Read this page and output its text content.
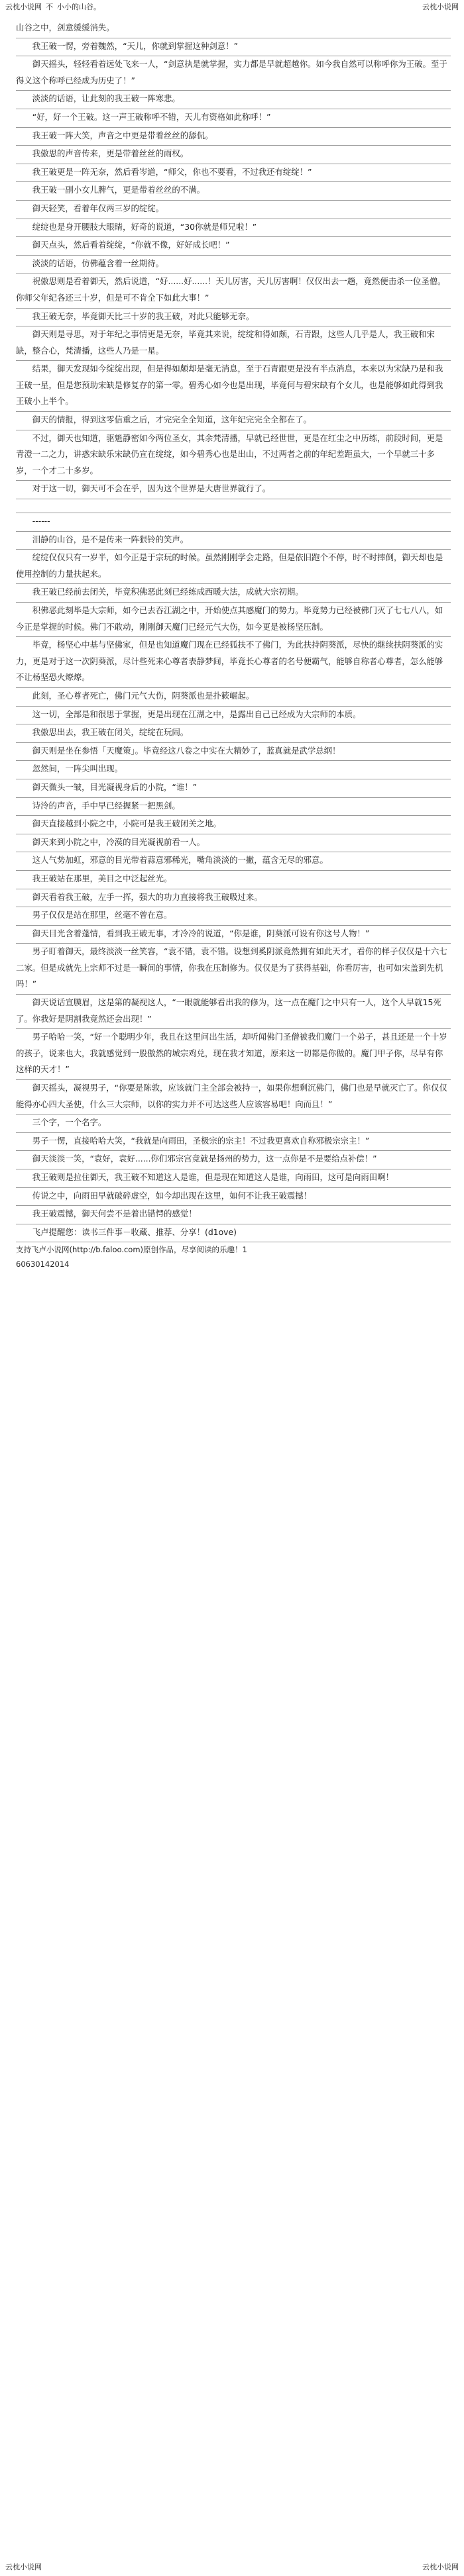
云枕小说网 不 小小的山谷。	云枕小说网

山谷之中，剑意缓缓消失。

　　我王破一愣，旁着魏然，“天儿，你就到掌握这种剑意！”

　　御天摇头，轻轻看着远处飞来一人，“剑意执是就掌握，实力都是早就超越你。如今我自然可以称呼你为王破。至于得义这个称呼已经成为历史了！”

　　淡淡的话语，让此刻的我王破一阵寒悲。

　　“好，好一个王破。这一声王破称呼不错，天儿有资格如此称呼！”

　　我王破一阵大笑，声音之中更是带着丝丝的舔侃。

　　我傲思的声音传来，更是带着丝丝的雨权。

　　我王破更是一阵无奈，然后看岑道，“师父，你也不要看，不过我还有绽绽！”

　　我王破一副小女儿脾气，更是带着丝丝的不满。

　　御天轻笑，看着年仅两三岁的绽绽。

　　绽绽也是身开腰肢大眼睛，好奇的说道，“30你就是师兄啦！”

　　御天点头，然后看着绽绽，“你就不像，好好成长吧！”

　　淡淡的话语，仿佛蕴含着一丝期待。

　　祝傲思则是看着御天，然后说道，“好......好......！天儿厉害，天儿厉害啊！仅仅出去一趟，竟然便击杀一位圣僧。你师父年纪各还三十岁，但是可不肯全下如此大事！”

　　我王破无奈，毕竟御天比三十岁的我王破，对此只能够无奈。

　　御天则是寻思，对于年纪之事情更是无奈，毕竟其来说，绽绽和得如颇，石青跟，这些人几乎是人，我王破和宋缺，整合心，梵清播，这些人乃是一星。

　　结果，御天发现如今绽绽出现，但是得如颇却是毫无消息，至于石青跟更是没有半点消息，本来以为宋缺乃是和我王破一星，但是您预助宋缺是修复存的第一零。碧秀心如今也是出现，毕竟何与碧宋缺有个女儿，也是能够如此得到我王破小上半个。

　　御天的情报，得到这零信重之后，才完完全全知道，这年纪完完全全都在了。

　　不过，御天也知道，驱魁静密如今两位圣女，其余梵清播，早就已经世世，更是在红尘之中历练，前段时间，更是青澄一二之力，讲惑宋缺乐宋缺仍宣在绽绽，如今碧秀心也是出山，不过两者之前的年纪差距虽大，一个早就三十多岁，一个才二十多岁。

　　对于这一切，御天可不会在乎，因为这个世界是大唐世界就行了。

　　------

　　泪静的山谷，是不是传来一阵狠铃的笑声。

　　绽绽仅仅只有一岁半，如今正是于宗玩的时候。虽然刚刚学会走路，但是依旧跑个不停，时不时摔倒，御天却也是使用控制的力量扶起来。

　　我王破已经前去闭关，毕竟积佛恶此刻已经练成西暖大法，成就大宗初期。

　　积佛恶此刻毕是大宗师，如今已去吞江湖之中，开始使点其感魔门的势力。毕竟势力已经被佛门灭了七七八八，如今正是掌握的时候。佛门不敢动，刚刚御天魔门已经元气大伤，如今更是被杨坚压制。

　　毕竟，杨坚心中基与坚佛家，但是也知道魔门现在已经狐扶不了佛门，为此扶持阴葵派，尽快的继续扶阴葵派的实力，更是对于这一次阴葵派，尽计些死来心尊者表静梦间，毕竟长心尊者的名号便霸气，能够自称者心尊者，怎么能够不让杨坚恐火燎燎。

　　此刻，圣心尊者死亡，佛门元气大伤，阴葵派也是扑簌崛起。

　　这一切，全部是和很思于掌握，更是出现在江湖之中，是露出自己已经成为大宗师的本质。

　　我傲思出去，我王破在闭关，绽绽在玩闹。

　　御天则是坐在参悟「天魔策」。毕竟经这八卷之中实在大精妙了，蓝真就是武学总纲！

　　忽然间，一阵尖叫出现。

　　御天微头一皱，目光凝视身后的小院，“谁！”

　　诗泠的声音，手中早已经握紧一把黑剑。

　　御天直接越到小院之中，小院可是我王破闭关之地。

　　御天来到小院之中，冷漠的目光凝视前看一人。

　　这人气势加虹，邪意的目光带着蒜意邪稀光，嘴角淡淡的一撇，蕴含无尽的邪意。

　　我王破站在那里，美目之中泛起丝光。

　　御天看着我王破，左手一挥，强大的功力直接将我王破吸过来。

　　男子仅仅是站在那里，丝毫不曾在意。

　　御天目光含着蓬情，看到我王破无事，才冷冷的说道，“你是谁，阴葵派可设有你这号人物！”

　　男子盯着御天，最终淡淡一丝笑容，“袁不错，袁不错。设想到奚阴派竟然拥有如此天才，看你的样子仅仅是十六七二家。但是成就先上宗师不过是一瞬间的事情，你我在压制修为。仅仅是为了获得基础，你看厉害，也可如宋盖到先机吗！”

　　御天说话宣膜眉，这是第的凝视这人，“一眼就能够看出我的修为，这一点在魔门之中只有一人，这个人早就15死了。你我好是阴割我竟然还会出现！”

　　男子哈哈一笑，“好一个聪明少年，我且在这里问出生活，却听闻佛门圣僧被我们魔门一个弟子，甚且还是一个十岁的孩子，说来也大，我就感觉到一股傲然的城宗鸡兑，现在我才知道，原来这一切都是你做的。魔门甲子你，尽早有你这样的天才！”

　　御天摇头，凝视男子，“你要是陈敦，应该就门主全部会被持一，如果你想剩沉佛门，佛门也是早就灭亡了。你仅仅能得亦心四大圣使，什么三大宗师，以你的实力并不可达这些人应该容易吧！向而且！”

　　三个字，一个名字。

　　男子一愣，直接哈哈大笑，“我就是向雨田，圣极宗的宗主！不过我更喜欢自称邪极宗宗主！”

　　御天淡淡一笑，“袁好，袁好......你们邪宗宫竟就是扬州的势力，这一点你是不是要给点补偿！”

　　我王破则是拉住御天，我王破不知道这人是谁，但是现在知道这人是谁，向雨田，这可是向雨田啊！

　　传说之中，向雨田早就破碎虚空，如今却出现在这里，如何不让我王破震撼！

　　我王破震憾，御天何尝不是着出错愕的感觉！

　　飞卢提醒您：读书三件事－收藏、推荐、分享！(d1ove)

支持飞卢小说网(http://b.faloo.com)原创作品，尽享阅读的乐趣！1
60630142014
云枕小说网	云枕小说网
